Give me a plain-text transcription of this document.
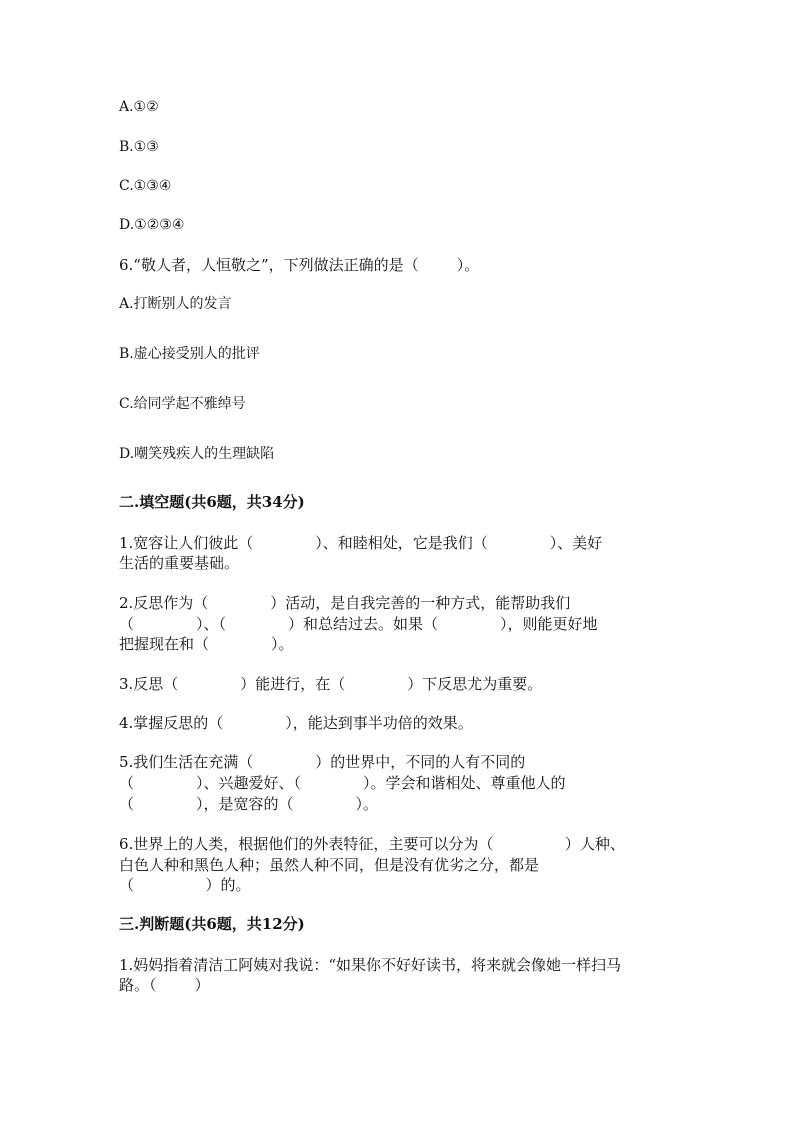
A.①②
B.①③
C.①③④
D.①②③④
6.“敬人者，人恒敬之”，下列做法正确的是（        ）。
A.打断别人的发言
B.虚心接受别人的批评
C.给同学起不雅绰号
D.嘲笑残疾人的生理缺陷
二.填空题(共6题，共34分)
1.宽容让人们彼此（             ）、和睦相处，它是我们（             ）、美好
生活的重要基础。
2.反思作为（             ）活动，是自我完善的一种方式，能帮助我们
（             ）、（             ）和总结过去。如果（             ），则能更好地
把握现在和（             ）。
3.反思（             ）能进行，在（             ）下反思尤为重要。
4.掌握反思的（             ），能达到事半功倍的效果。
5.我们生活在充满（             ）的世界中，不同的人有不同的
（             ）、兴趣爱好、（             ）。学会和谐相处、尊重他人的
（             ），是宽容的（             ）。
6.世界上的人类，根据他们的外表特征，主要可以分为（               ）人种、
白色人种和黑色人种；虽然人种不同，但是没有优劣之分，都是
（               ）的。
三.判断题(共6题，共12分)
1.妈妈指着清洁工阿姨对我说：“如果你不好好读书，将来就会像她一样扫马
路。（        ）
